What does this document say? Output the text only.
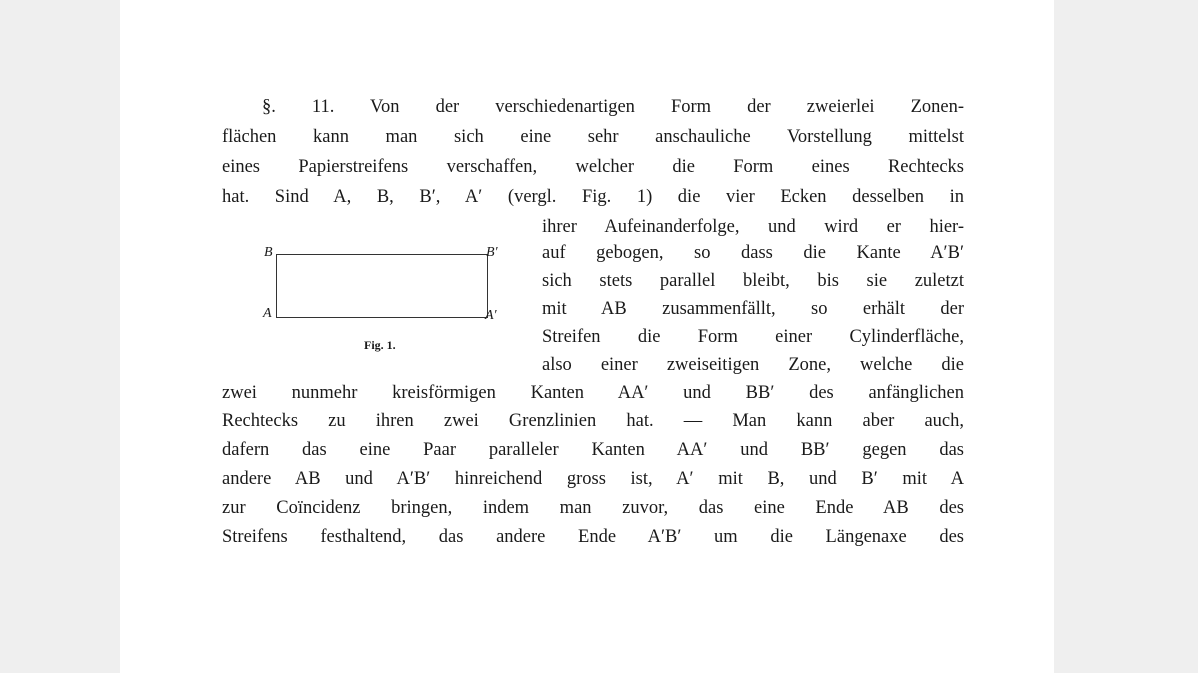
§. 11. Von der verschiedenartigen Form der zweierlei Zonen-
flächen kann man sich eine sehr anschauliche Vorstellung mittelst
eines Papierstreifens verschaffen, welcher die Form eines Rechtecks
hat. Sind A, B, B′, A′ (vergl. Fig. 1) die vier Ecken desselben in
ihrer Aufeinanderfolge, und wird er hier-
auf gebogen, so dass die Kante A′B′
sich stets parallel bleibt, bis sie zuletzt
mit AB zusammenfällt, so erhält der
Streifen die Form einer Cylinderfläche,
also einer zweiseitigen Zone, welche die
zwei nunmehr kreisförmigen Kanten AA′ und BB′ des anfänglichen
Rechtecks zu ihren zwei Grenzlinien hat. — Man kann aber auch,
dafern das eine Paar paralleler Kanten AA′ und BB′ gegen das
andere AB und A′B′ hinreichend gross ist, A′ mit B, und B′ mit A
zur Coïncidenz bringen, indem man zuvor, das eine Ende AB des
Streifens festhaltend, das andere Ende A′B′ um die Längenaxe des
B	B′
A	A′
Fig. 1.
